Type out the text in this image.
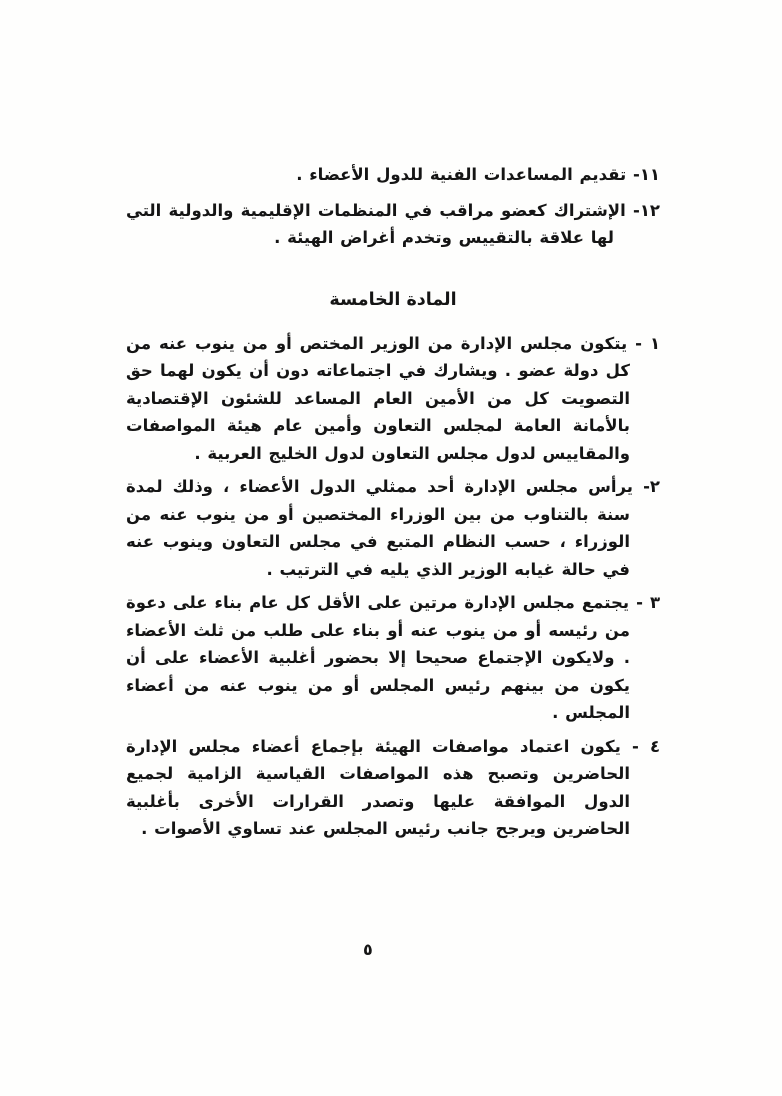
١١- تقديم المساعدات الفنية للدول الأعضاء .

١٢- الإشتراك كعضو مراقب في المنظمات الإقليمية والدولية التي لها علاقة بالتقييس وتخدم أغراض الهيئة .

المادة الخامسة

١ - يتكون مجلس الإدارة من الوزير المختص أو من ينوب عنه من كل دولة عضو . ويشارك في اجتماعاته دون أن يكون لهما حق التصويت كل من الأمين العام المساعد للشئون الإقتصادية بالأمانة العامة لمجلس التعاون وأمين عام هيئة المواصفات والمقاييس لدول مجلس التعاون لدول الخليج العربية .

٢- يرأس مجلس الإدارة أحد ممثلي الدول الأعضاء ، وذلك لمدة سنة بالتناوب من بين الوزراء المختصين أو من ينوب عنه من الوزراء ، حسب النظام المتبع في مجلس التعاون وينوب عنه في حالة غيابه الوزير الذي يليه في الترتيب .

٣ - يجتمع مجلس الإدارة مرتين على الأقل كل عام بناء على دعوة من رئيسه أو من ينوب عنه أو بناء على طلب من ثلث الأعضاء . ولايكون الإجتماع صحيحا إلا بحضور أغلبية الأعضاء على أن يكون من بينهم رئيس المجلس أو من ينوب عنه من أعضاء المجلس .

٤ - يكون اعتماد مواصفات الهيئة بإجماع أعضاء مجلس الإدارة الحاضرين وتصبح هذه المواصفات القياسية الزامية لجميع الدول الموافقة عليها وتصدر القرارات الأخرى بأغلبية الحاضرين ويرجح جانب رئيس المجلس عند تساوي الأصوات .

٥
